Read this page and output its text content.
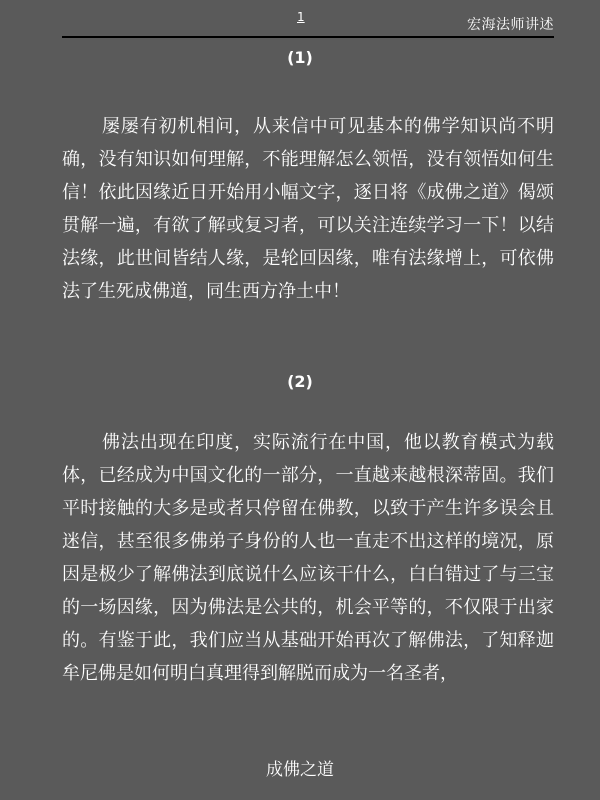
1	宏海法师讲述
(1)

屡屡有初机相问，从来信中可见基本的佛学知识尚不明确，没有知识如何理解，不能理解怎么领悟，没有领悟如何生信！依此因缘近日开始用小幅文字，逐日将《成佛之道》偈颂贯解一遍，有欲了解或复习者，可以关注连续学习一下！以结法缘，此世间皆结人缘，是轮回因缘，唯有法缘增上，可依佛法了生死成佛道，同生西方净土中！

(2)

佛法出现在印度，实际流行在中国，他以教育模式为载体，已经成为中国文化的一部分，一直越来越根深蒂固。我们平时接触的大多是或者只停留在佛教，以致于产生许多误会且迷信，甚至很多佛弟子身份的人也一直走不出这样的境况，原因是极少了解佛法到底说什么应该干什么，白白错过了与三宝的一场因缘，因为佛法是公共的，机会平等的，不仅限于出家的。有鉴于此，我们应当从基础开始再次了解佛法，了知释迦牟尼佛是如何明白真理得到解脱而成为一名圣者，

成佛之道
